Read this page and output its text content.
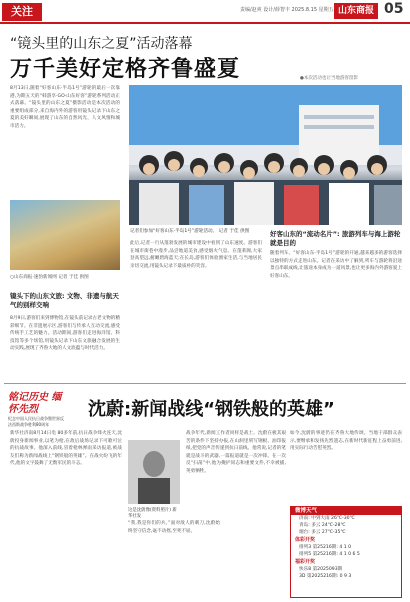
关注	责编/赵爽 设计/薛智丰 2025.8.15 星期五 山东商报 05
“镜头里的山东之夏”活动落幕
万千美好定格齐鲁盛夏
8月13日,随着“好客山东·半岛1号”游轮的最后一次靠港,为期五天的“韩游享·GO·山东好客”游轮系列活动正式落幕。“镜头里的山东之夏”摄影活动是本次活动的重要组成部分,来自海内外的游客用镜头记录下山东之夏的美好瞬间,展现了山东的自然风光、人文风情和城市活力。
○山东商报·速豹新闻网 记者 于佳 供图
镜头下的山东文旅: 文物、非遗与航天气的别样交响
8月9日,游客们来到博物馆,在镜头前记录古老文物的精彩细节。在非遗展示区,游客们与传承人互动交流,感受传统手工艺的魅力。活动期间,游客们走进海洋馆、科技馆等多个场馆,用镜头记录下山东文旅融合发展的生动实践,展现了齐鲁大地的人文底蕴与时代活力。
●本次活动也让当地游客留影
记者们参加“好客山东·半岛1号”游轮活动。 记者 于佳 供图
此后,记者一行从蓬勃发展的城市建设中看到了山东速度。游客们在城市街巷中漫步,品尝地道美食,感受烟火气息。在蓬莱阁,大家登高望远,俯瞰碧海蓝天;在长岛,游客们体验渔家生活,与当地居民亲切交流,用镜头记录下最质朴的笑容。
好客山东的“流动名片”: 旅游列车与海上游轮就是目的
随着列车、“好客山东·半岛1号”游轮的开通,越来越多的游客选择以独特的方式走进山东。记者在采访中了解到,列车与游轮将沿途景点串联成线,让旅途本身成为一道风景,也让更多海内外游客爱上好客山东。
铭记历史 缅怀先烈
纪念中国人民抗日战争暨世界反法西斯战争胜利80周年
沈蔚:新闻战线“钢铁般的英雄”
新华社济南8月14日电 80多年前,抗日战争烽火连天,沈蔚投身新闻事业,以笔为枪,在敌后战场记录下可歌可泣的抗战故事。他深入前线,冒着枪林弹雨采访报道,被战友们称为新闻战线上“钢铁般的英雄”。在战火纷飞的年代,他的文字鼓舞了无数军民的斗志。
这是沈蔚像(资料照片) 新华社发
“我,我是你们的兵。”面对敌人的刺刀,沈蔚始终坚守信念,毫不动摇,至死不屈。
战争年代,新闻工作者同样是战士。沈蔚在极其艰苦的条件下坚持办报,在山洞里刻写钢板、油印报纸,把党的声音传递到抗日前线。他常说,记者的笔就是战斗的武器,一篇报道就是一次冲锋。在一次反“扫荡”中,他为掩护同志和重要文件,不幸被捕,英勇牺牲。
如今,沈蔚的事迹仍在齐鲁大地传颂。当地干部群众表示,要继承和发扬先烈遗志,在新时代新征程上奋勇前进,用实际行动告慰英烈。
微博天气
济南: 中到大雨 26℃-30℃
青岛: 多云 24℃-28℃
烟台: 多云 27℃-35℃
体彩开奖
排列3 第25216期: 4 1 0
排列5 第25216期: 4 1 0 6 5
福彩开奖
快乐8 第2025093期
3D 第2025216期: 0 9 3
